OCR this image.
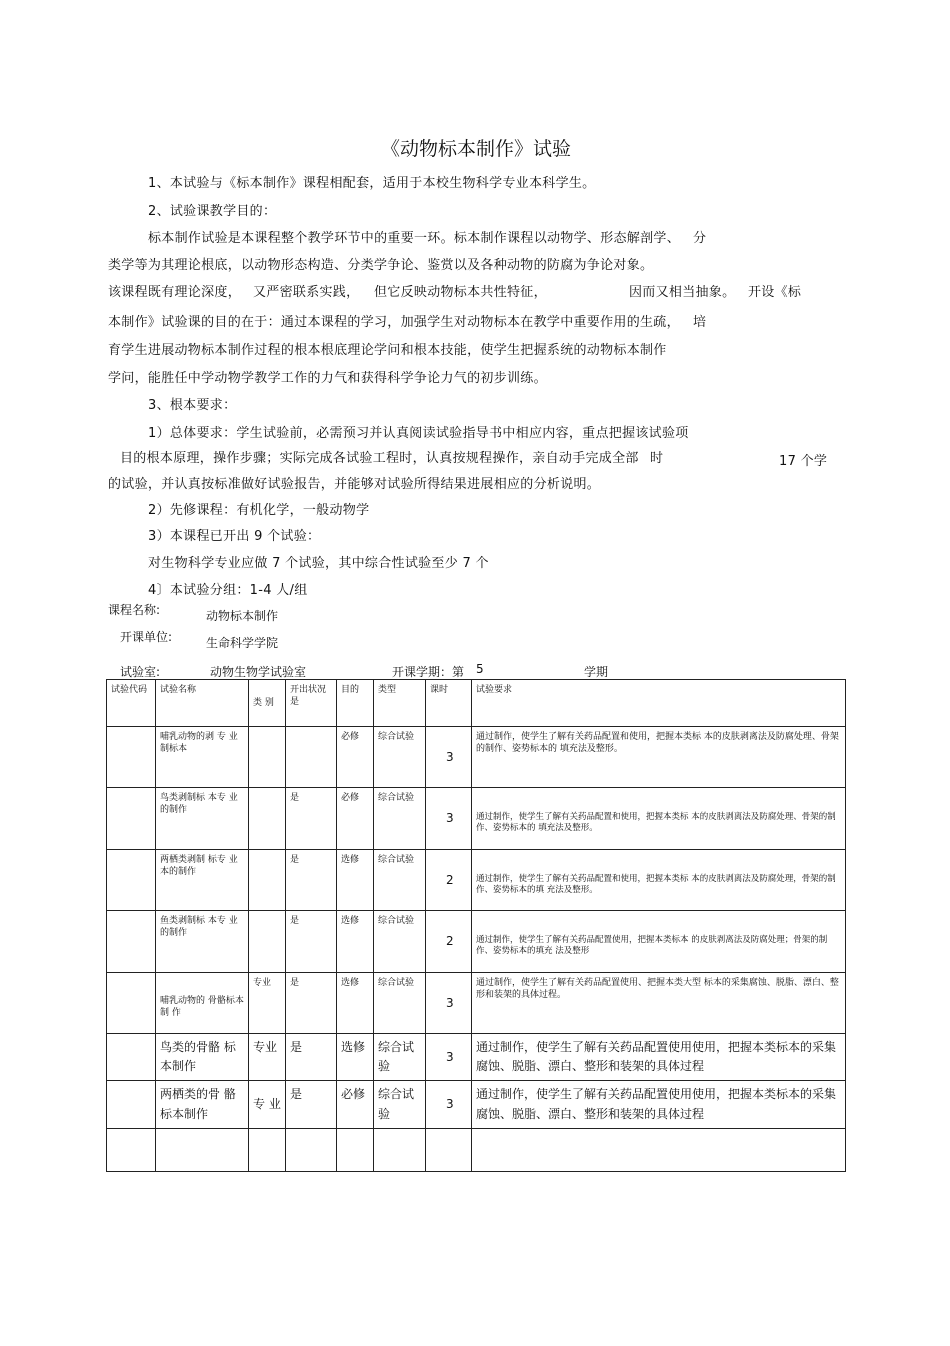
《动物标本制作》试验
1、本试验与《标本制作》课程相配套，适用于本校生物科学专业本科学生。
2、试验课教学目的：
标本制作试验是本课程整个教学环节中的重要一环。标本制作课程以动物学、形态解剖学、 分
类学等为其理论根底，以动物形态构造、分类学争论、鉴赏以及各种动物的防腐为争论对象。
该课程既有理论深度， 又严密联系实践， 但它反映动物标本共性特征，	因而又相当抽象。 开设《标
本制作》试验课的目的在于：通过本课程的学习，加强学生对动物标本在教学中重要作用的生疏， 培
育学生进展动物标本制作过程的根本根底理论学问和根本技能，使学生把握系统的动物标本制作
学问，能胜任中学动物学教学工作的力气和获得科学争论力气的初步训练。
3、根本要求：
1）总体要求：学生试验前，必需预习并认真阅读试验指导书中相应内容，重点把握该试验项
目的根本原理，操作步骤；实际完成各试验工程时，认真按规程操作，亲自动手完成全部 时	17 个学
的试验，并认真按标准做好试验报告，并能够对试验所得结果进展相应的分析说明。
2）先修课程：有机化学，一般动物学
3）本课程已开出 9 个试验：
对生物科学专业应做 7 个试验，其中综合性试验至少 7 个
4〕本试验分组：1-4 人/组
课程名称:	动物标本制作
开课单位:	生命科学学院
试验室:	动物生物学试验室	开课学期：第 5	学期
试验代码	试验名称	类 别	开出状况是	目的	类型	课时	试验要求
	哺乳动物的剥 专 业 制标本			必修	综合试验	3	通过制作，使学生了解有关药品配置和使用，把握本类标 本的皮肤剥离法及防腐处理、骨架的制作、姿势标本的 填充法及整形。
	鸟类剥制标 本专 业 的制作		是	必修	综合试验	3	通过制作，使学生了解有关药品配置和使用，把握本类标 本的皮肤剥离法及防腐处理、骨架的制作、姿势标本的 填充法及整形。
	两栖类剥制 标专 业 本的制作		是	选修	综合试验	2	通过制作，使学生了解有关药品配置和使用，把握本类标 本的皮肤剥离法及防腐处理，骨架的制作、姿势标本的填 充法及整形。
	鱼类剥制标 本专 业 的制作		是	选修	综合试验	2	通过制作，使学生了解有关药品配置使用，把握本类标本 的皮肤剥离法及防腐处理；骨架的制作、姿势标本的填充 法及整形
	哺乳动物的 骨骼标本制 作	专业	是	选修	综合试验	3	通过制作，使学生了解有关药品配置使用、把握本类大型 标本的采集腐蚀、脱脂、漂白、整形和装架的具体过程。
	鸟类的骨骼 标本制作	专业	是	选修	综合试验	3	通过制作，使学生了解有关药品配置使用使用，把握本类标本的采集腐蚀、脱脂、漂白、整形和装架的具体过程
	两栖类的骨 骼标本制作	专 业	是	必修	综合试验	3	通过制作，使学生了解有关药品配置使用使用，把握本类标本的采集腐蚀、脱脂、漂白、整形和装架的具体过程
